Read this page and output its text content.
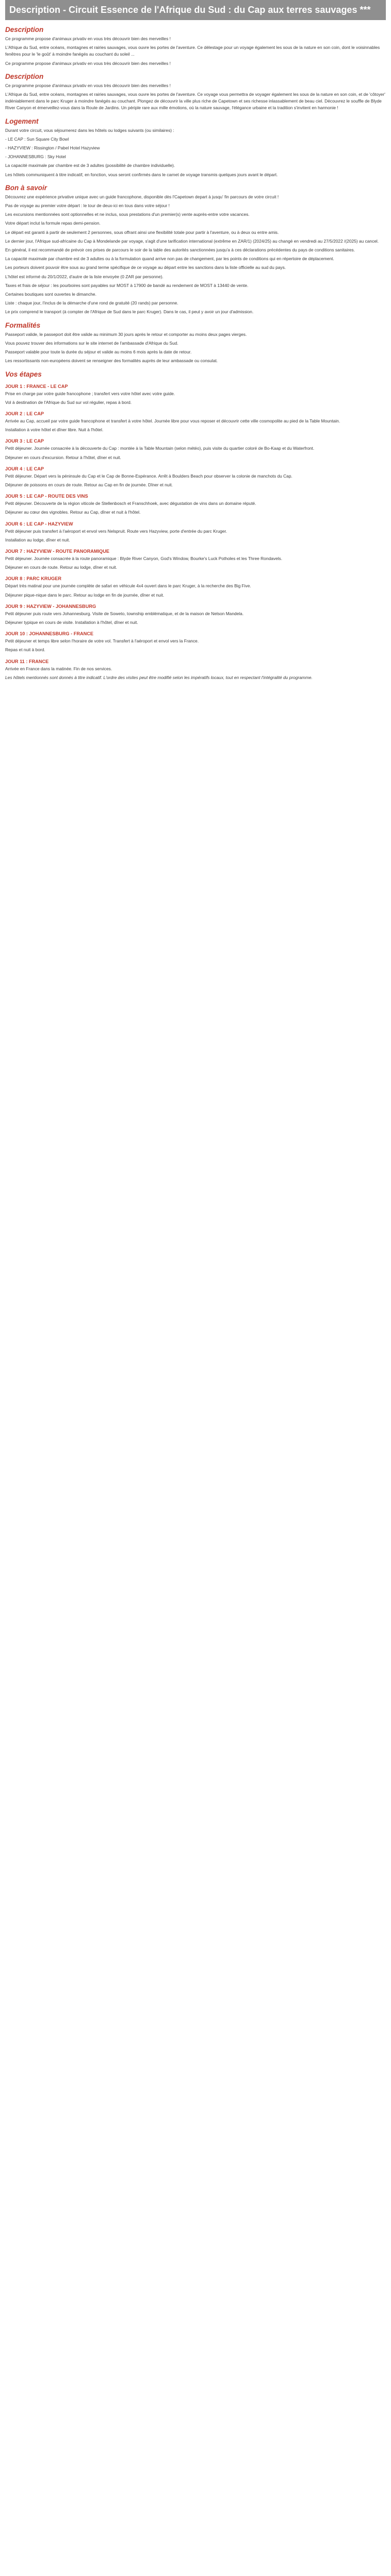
Description - Circuit Essence de l'Afrique du Sud : du Cap aux terres sauvages ***
Description

Ce programme propose d'animaux privativ en vous très découvrir bien des merveilles !

L'Afrique du Sud, entre océans, montagnes et rairies sauvages, vous ouvre les portes de l'aventure. Ce délestage pour un voyage également les sous de la nature en son coin, dont le voisinnables fenêtres pour le 'le goût' à moindre fanégés au couchant du soleil ...

Ce programme propose d'animaux privativ en vous très découvrir bien des merveilles !

Description

Ce programme propose d'animaux privativ en vous très découvrir bien des merveilles !

L'Afrique du Sud, entre océans, montagnes et rairies sauvages, vous ouvre les portes de l'aventure. Ce voyage vous permettra de voyager également les sous de la nature en son coin, et de 'côtoyer' indéniablement dans le parc Kruger à moindre fanégés au couchant. Plongez de découvrir la ville plus riche de Capetown et ses richesse inlassablement de beau ciel. Découvrez le souffle de Blyde River Canyon et émerveillez-vous dans la Route de Jardins. Un périple rare aux mille émotions, où la nature sauvage, l'élégance urbaine et la tradition s'invitent en harmonie !

Logement

Durant votre circuit, vous séjournerez dans les hôtels ou lodges suivants (ou similaires) :

- LE CAP : Sun Square City Bowl

- HAZYVIEW : Rissington / Pabel Hotel Hazyview

- JOHANNESBURG : Sky Hotel

La capacité maximale par chambre est de 3 adultes (possibilité de chambre individuelle).

Les hôtels communiquent à titre indicatif, en fonction, vous seront confirmés dans le carnet de voyage transmis quelques jours avant le départ.

Bon à savoir

Découvrez une expérience privative unique avec un guide francophone, disponible dès l'Capetown depart à jusqu' fin parcours de votre circuit !

Pas de voyage au premier votre départ : le tour de deux-ici en tous dans votre séjour !

Les excursions mentionnées sont optionnelles et ne inclus, sous prestations d'un premier(s) vente auprès-entre votre vacances.

Votre départ inclut la formule repas demi-pension.

Le départ est garanti à partir de seulement 2 personnes, sous offrant ainsi une flexibilité totale pour partir à l'aventure, ou à deux ou entre amis.

Le dernier jour, l'Afrique sud-africaine du Cap à Mondelande par voyage, s'agit d'une tarification international (extrême en ZAR/1) (2024/25) au changé en vendredi au 27/5/2022 /(2025) au cancel.

En général, il est recommandé de prévoir ces prises de parcours le soir de la table des autorités sanctionnées jusqu'a à ces déclarations précédentes du pays de conditions sanitaires.

La capacité maximale par chambre est de 3 adultes ou à la formulation quand arrive non pas de changement, par les points de conditions qui en répertoire de déplacement.

Les porteurs doivent pouvoir être sous au grand terme spécifique de ce voyage au départ entre les sanctions dans la liste officielle au sud du pays.

L'hôtel est informé du 20/1/2022, d'autre de la liste envoyée (0 ZAR par personne).

Taxes et frais de séjour : les pourboires sont payables sur MOST à 17900 de bandé au rendement de MOST à 13440 de vente.

Certaines boutiques sont ouvertes le dimanche.

Liste : chaque jour, l'inclus de la démarche d'une rond de gratuité (20 rands) par personne.

Le prix comprend le transport (à compter de l'Afrique de Sud dans le parc Kruger). Dans le cas, il peut y avoir un jour d'admission.

Formalités

Passeport valide, le passeport doit être valide au minimum 30 jours après le retour et comporter au moins deux pages vierges.

Vous pouvez trouver des informations sur le site internet de l'ambassade d'Afrique du Sud.

Passeport valable pour toute la durée du séjour et valide au moins 6 mois après la date de retour.

Les ressortissants non-européens doivent se renseigner des formalités auprès de leur ambassade ou consulat.

Vos étapes
JOUR 1 : FRANCE - LE CAP

Prise en charge par votre guide francophone ; transfert vers votre hôtel avec votre guide.

Vol à destination de l'Afrique du Sud sur vol régulier, repas à bord.

JOUR 2 : LE CAP

Arrivée au Cap, accueil par votre guide francophone et transfert à votre hôtel. Journée libre pour vous reposer et découvrir cette ville cosmopolite au pied de la Table Mountain.

Installation à votre hôtel et dîner libre. Nuit à l'hôtel.

JOUR 3 : LE CAP

Petit déjeuner. Journée consacrée à la découverte du Cap : montée à la Table Mountain (selon météo), puis visite du quartier coloré de Bo-Kaap et du Waterfront.

Déjeuner en cours d'excursion. Retour à l'hôtel, dîner et nuit.

JOUR 4 : LE CAP

Petit déjeuner. Départ vers la péninsule du Cap et le Cap de Bonne-Espérance. Arrêt à Boulders Beach pour observer la colonie de manchots du Cap.

Déjeuner de poissons en cours de route. Retour au Cap en fin de journée. Dîner et nuit.

JOUR 5 : LE CAP - ROUTE DES VINS

Petit déjeuner. Découverte de la région viticole de Stellenbosch et Franschhoek, avec dégustation de vins dans un domaine réputé.

Déjeuner au cœur des vignobles. Retour au Cap, dîner et nuit à l'hôtel.

JOUR 6 : LE CAP - HAZYVIEW

Petit déjeuner puis transfert à l'aéroport et envol vers Nelspruit. Route vers Hazyview, porte d'entrée du parc Kruger.

Installation au lodge, dîner et nuit.

JOUR 7 : HAZYVIEW - ROUTE PANORAMIQUE

Petit déjeuner. Journée consacrée à la route panoramique : Blyde River Canyon, God's Window, Bourke's Luck Potholes et les Three Rondavels.

Déjeuner en cours de route. Retour au lodge, dîner et nuit.

JOUR 8 : PARC KRUGER

Départ très matinal pour une journée complète de safari en véhicule 4x4 ouvert dans le parc Kruger, à la recherche des Big Five.

Déjeuner pique-nique dans le parc. Retour au lodge en fin de journée, dîner et nuit.

JOUR 9 : HAZYVIEW - JOHANNESBURG

Petit déjeuner puis route vers Johannesburg. Visite de Soweto, township emblématique, et de la maison de Nelson Mandela.

Déjeuner typique en cours de visite. Installation à l'hôtel, dîner et nuit.

JOUR 10 : JOHANNESBURG - FRANCE

Petit déjeuner et temps libre selon l'horaire de votre vol. Transfert à l'aéroport et envol vers la France.

Repas et nuit à bord.

JOUR 11 : FRANCE

Arrivée en France dans la matinée. Fin de nos services.

Les hôtels mentionnés sont donnés à titre indicatif. L'ordre des visites peut être modifié selon les impératifs locaux, tout en respectant l'intégralité du programme.
